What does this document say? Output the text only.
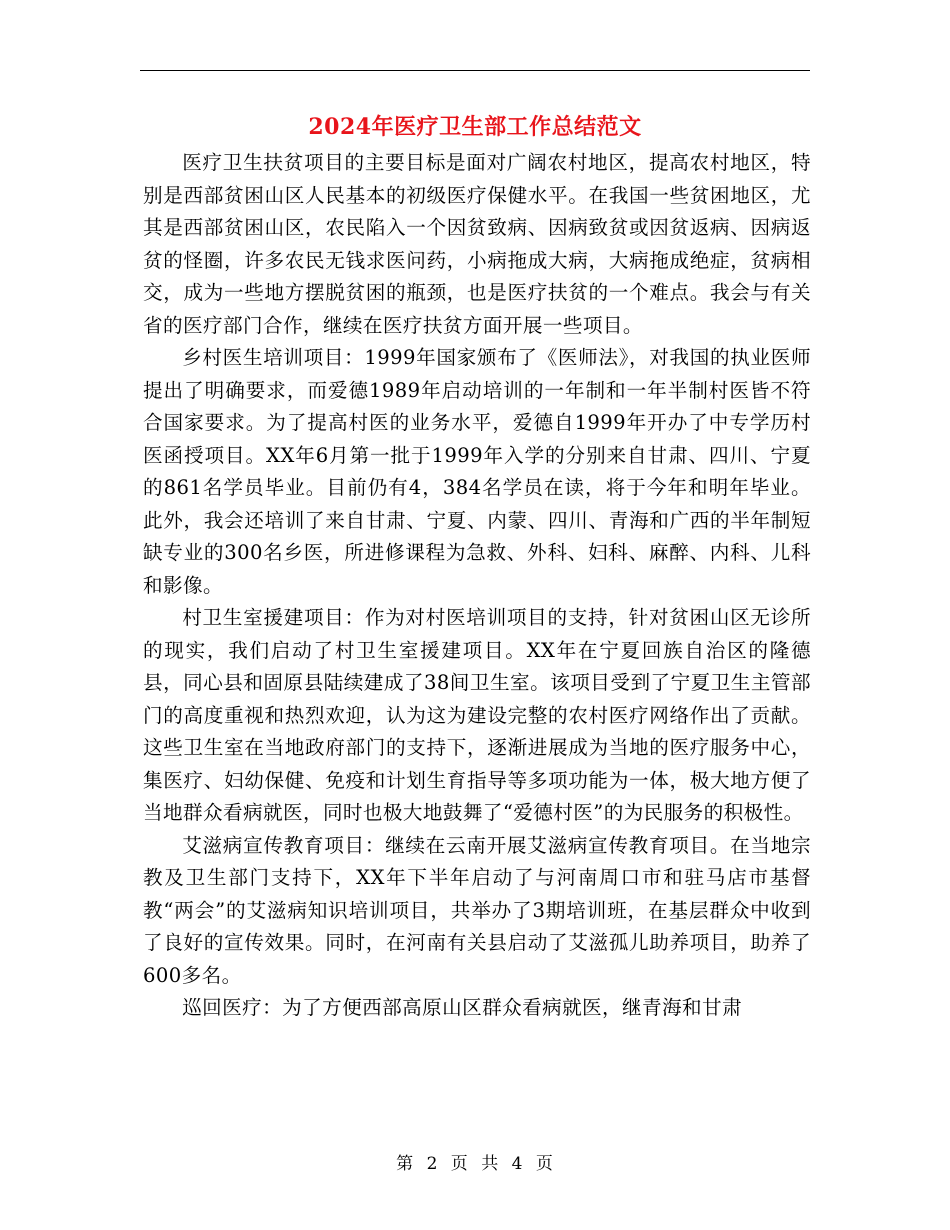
2024年医疗卫生部工作总结范文

医疗卫生扶贫项目的主要目标是面对广阔农村地区，提高农村地区，特别是西部贫困山区人民基本的初级医疗保健水平。在我国一些贫困地区，尤其是西部贫困山区，农民陷入一个因贫致病、因病致贫或因贫返病、因病返贫的怪圈，许多农民无钱求医问药，小病拖成大病，大病拖成绝症，贫病相交，成为一些地方摆脱贫困的瓶颈，也是医疗扶贫的一个难点。我会与有关省的医疗部门合作，继续在医疗扶贫方面开展一些项目。

乡村医生培训项目：1999年国家颁布了《医师法》，对我国的执业医师提出了明确要求，而爱德1989年启动培训的一年制和一年半制村医皆不符合国家要求。为了提高村医的业务水平，爱德自1999年开办了中专学历村医函授项目。XX年6月第一批于1999年入学的分别来自甘肃、四川、宁夏的861名学员毕业。目前仍有4，384名学员在读，将于今年和明年毕业。此外，我会还培训了来自甘肃、宁夏、内蒙、四川、青海和广西的半年制短缺专业的300名乡医，所进修课程为急救、外科、妇科、麻醉、内科、儿科和影像。

村卫生室援建项目：作为对村医培训项目的支持，针对贫困山区无诊所的现实，我们启动了村卫生室援建项目。XX年在宁夏回族自治区的隆德县，同心县和固原县陆续建成了38间卫生室。该项目受到了宁夏卫生主管部门的高度重视和热烈欢迎，认为这为建设完整的农村医疗网络作出了贡献。这些卫生室在当地政府部门的支持下，逐渐进展成为当地的医疗服务中心，集医疗、妇幼保健、免疫和计划生育指导等多项功能为一体，极大地方便了当地群众看病就医，同时也极大地鼓舞了“爱德村医”的为民服务的积极性。

艾滋病宣传教育项目：继续在云南开展艾滋病宣传教育项目。在当地宗教及卫生部门支持下，XX年下半年启动了与河南周口市和驻马店市基督教“两会”的艾滋病知识培训项目，共举办了3期培训班，在基层群众中收到了良好的宣传效果。同时，在河南有关县启动了艾滋孤儿助养项目，助养了600多名。

巡回医疗：为了方便西部高原山区群众看病就医，继青海和甘肃

第 2 页 共 4 页
